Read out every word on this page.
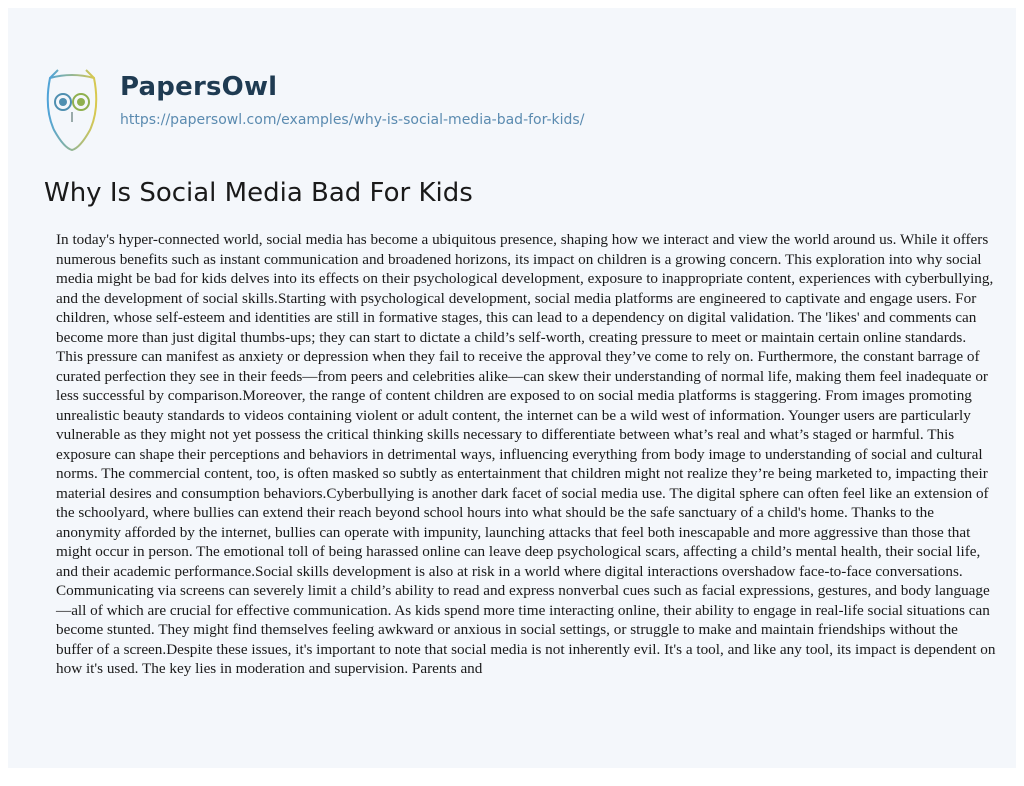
PapersOwl
https://papersowl.com/examples/why-is-social-media-bad-for-kids/
Why Is Social Media Bad For Kids

In today's hyper-connected world, social media has become a ubiquitous presence, shaping how we interact and view the world around us. While it offers numerous benefits such as instant communication and broadened horizons, its impact on children is a growing concern. This exploration into why social media might be bad for kids delves into its effects on their psychological development, exposure to inappropriate content, experiences with cyberbullying, and the development of social skills.Starting with psychological development, social media platforms are engineered to captivate and engage users. For children, whose self-esteem and identities are still in formative stages, this can lead to a dependency on digital validation. The 'likes' and comments can become more than just digital thumbs-ups; they can start to dictate a child’s self-worth, creating pressure to meet or maintain certain online standards. This pressure can manifest as anxiety or depression when they fail to receive the approval they’ve come to rely on. Furthermore, the constant barrage of curated perfection they see in their feeds—from peers and celebrities alike—can skew their understanding of normal life, making them feel inadequate or less successful by comparison.Moreover, the range of content children are exposed to on social media platforms is staggering. From images promoting unrealistic beauty standards to videos containing violent or adult content, the internet can be a wild west of information. Younger users are particularly vulnerable as they might not yet possess the critical thinking skills necessary to differentiate between what’s real and what’s staged or harmful. This exposure can shape their perceptions and behaviors in detrimental ways, influencing everything from body image to understanding of social and cultural norms. The commercial content, too, is often masked so subtly as entertainment that children might not realize they’re being marketed to, impacting their material desires and consumption behaviors.Cyberbullying is another dark facet of social media use. The digital sphere can often feel like an extension of the schoolyard, where bullies can extend their reach beyond school hours into what should be the safe sanctuary of a child's home. Thanks to the anonymity afforded by the internet, bullies can operate with impunity, launching attacks that feel both inescapable and more aggressive than those that might occur in person. The emotional toll of being harassed online can leave deep psychological scars, affecting a child’s mental health, their social life, and their academic performance.Social skills development is also at risk in a world where digital interactions overshadow face-to-face conversations. Communicating via screens can severely limit a child’s ability to read and express nonverbal cues such as facial expressions, gestures, and body language—all of which are crucial for effective communication. As kids spend more time interacting online, their ability to engage in real-life social situations can become stunted. They might find themselves feeling awkward or anxious in social settings, or struggle to make and maintain friendships without the buffer of a screen.Despite these issues, it's important to note that social media is not inherently evil. It's a tool, and like any tool, its impact is dependent on how it's used. The key lies in moderation and supervision. Parents and
